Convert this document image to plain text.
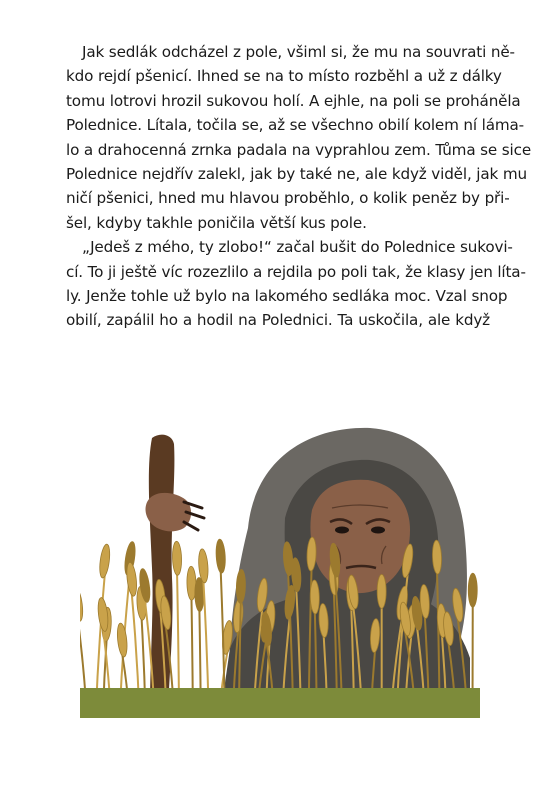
Jak sedlák odcházel z pole, všiml si, že mu na souvrati ně-
kdo rejdí pšenicí. Ihned se na to místo rozběhl a už z dálky
tomu lotrovi hrozil sukovou holí. A ejhle, na poli se proháněla
Polednice. Lítala, točila se, až se všechno obilí kolem ní láma-
lo a drahocenná zrnka padala na vyprahlou zem. Tůma se sice
Polednice nejdřív zalekl, jak by také ne, ale když viděl, jak mu
ničí pšenici, hned mu hlavou proběhlo, o kolik peněz by při-
šel, kdyby takhle poničila větší kus pole.
„Jedeš z mého, ty zlobo!“ začal bušit do Polednice sukovi-
cí. To ji ještě víc rozezlilo a rejdila po poli tak, že klasy jen líta-
ly. Jenže tohle už bylo na lakomého sedláka moc. Vzal snop
obilí, zapálil ho a hodil na Polednici. Ta uskočila, ale když
